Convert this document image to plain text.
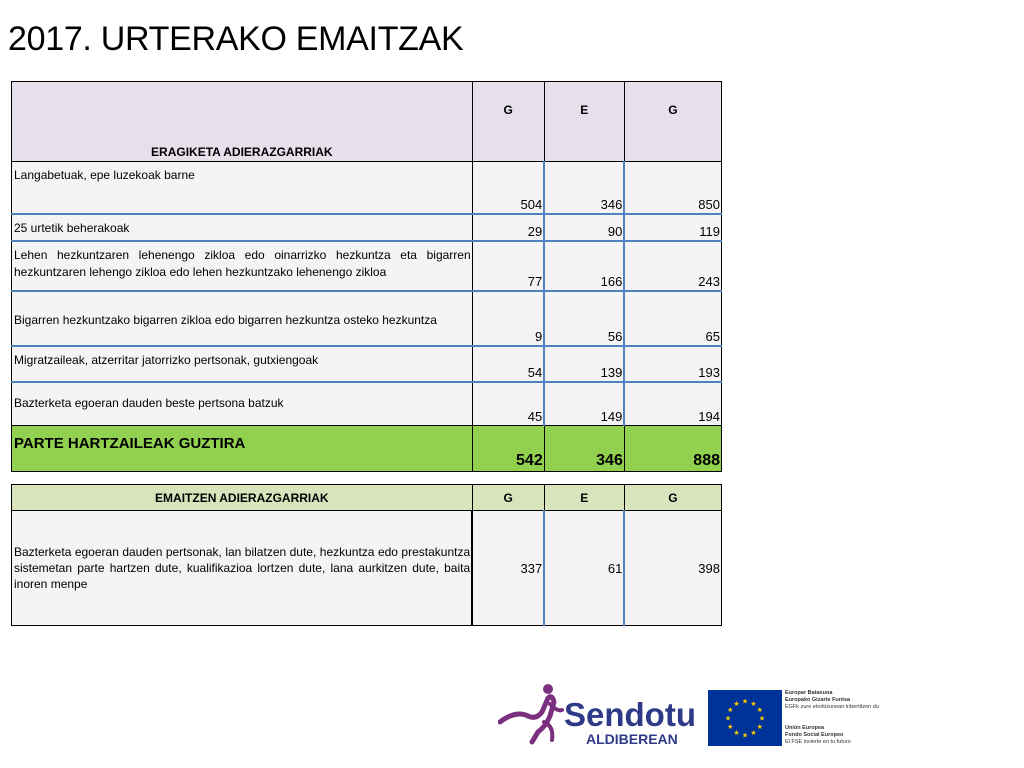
2017. URTERAKO EMAITZAK
ERAGIKETA ADIERAZGARRIAK	G	E	G
Langabetuak, epe luzekoak barne	504	346	850
25 urtetik beherakoak	29	90	119
Lehen hezkuntzaren lehenengo zikloa edo oinarrizko hezkuntza eta bigarren hezkuntzaren lehengo zikloa edo lehen hezkuntzako lehenengo zikloa	77	166	243
Bigarren hezkuntzako bigarren zikloa edo bigarren hezkuntza osteko hezkuntza	9	56	65
Migratzaileak, atzerritar jatorrizko pertsonak, gutxiengoak	54	139	193
Bazterketa egoeran dauden beste pertsona batzuk	45	149	194
PARTE HARTZAILEAK GUZTIRA	542	346	888
EMAITZEN ADIERAZGARRIAK	G	E	G
Bazterketa egoeran dauden pertsonak, lan bilatzen dute, hezkuntza edo prestakuntza sistemetan parte hartzen dute, kualifikazioa lortzen dute, lana aurkitzen dute, baita inoren menpe	337	61	398
Sendotu
ALDIBEREAN
★ ★
★
★
★
★
★
★
★
★
★
★
Europar Batasuna
Europako Gizarte Funtsa
EGFk zure etorkizunean inbertitzen du
Unión Europea
Fondo Social Europeo
El FSE invierte en tu futuro
